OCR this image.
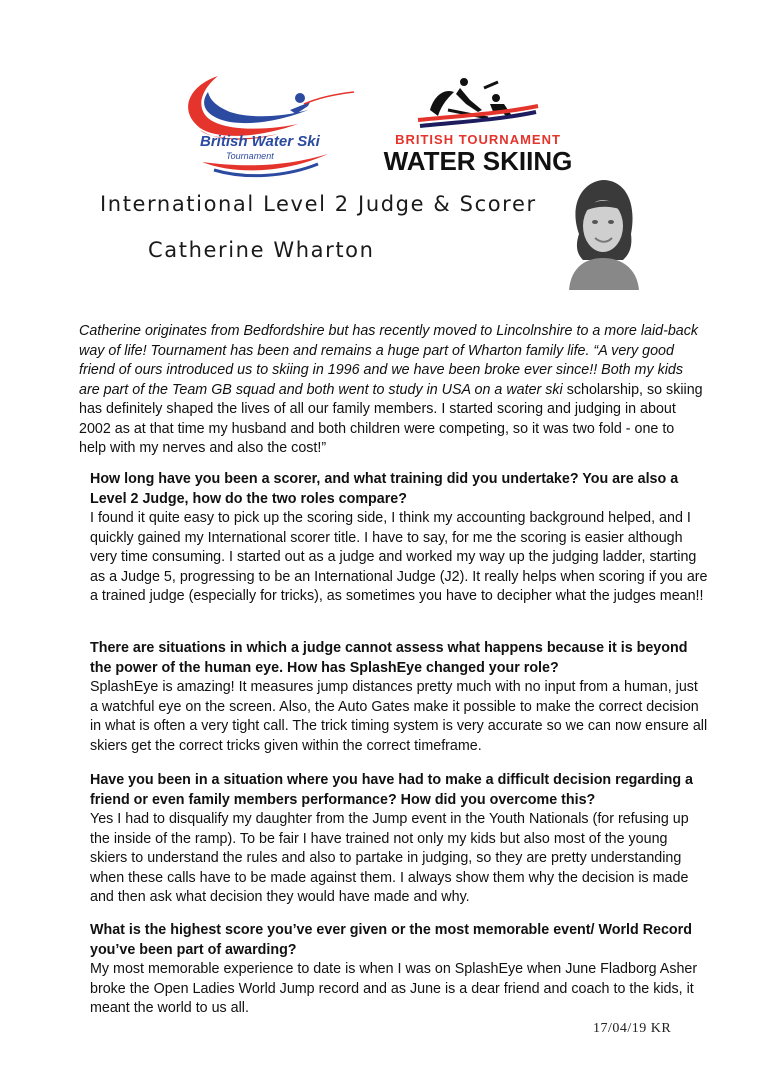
British Water Ski
Tournament
BRITISH TOURNAMENT
WATER SKIING
International Level 2 Judge & Scorer
Catherine Wharton
Catherine originates from Bedfordshire but has recently moved to Lincolnshire to a more laid-back way of life! Tournament has been and remains a huge part of Wharton family life. “A very good friend of ours introduced us to skiing in 1996 and we have been broke ever since!! Both my kids are part of the Team GB squad and both went to study in USA on a water ski scholarship, so skiing has definitely shaped the lives of all our family members. I started scoring and judging in about 2002 as at that time my husband and both children were competing, so it was two fold - one to help with my nerves and also the cost!”

How long have you been a scorer, and what training did you undertake? You are also a Level 2 Judge, how do the two roles compare?

I found it quite easy to pick up the scoring side, I think my accounting background helped, and I quickly gained my International scorer title. I have to say, for me the scoring is easier although very time consuming. I started out as a judge and worked my way up the judging ladder, starting as a Judge 5, progressing to be an International Judge (J2). It really helps when scoring if you are a trained judge (especially for tricks), as sometimes you have to decipher what the judges mean!!

There are situations in which a judge cannot assess what happens because it is beyond the power of the human eye. How has SplashEye changed your role?

SplashEye is amazing! It measures jump distances pretty much with no input from a human, just a watchful eye on the screen. Also, the Auto Gates make it possible to make the correct decision in what is often a very tight call. The trick timing system is very accurate so we can now ensure all skiers get the correct tricks given within the correct timeframe.

Have you been in a situation where you have had to make a difficult decision regarding a friend or even family members performance? How did you overcome this?

Yes I had to disqualify my daughter from the Jump event in the Youth Nationals (for refusing up the inside of the ramp). To be fair I have trained not only my kids but also most of the young skiers to understand the rules and also to partake in judging, so they are pretty understanding when these calls have to be made against them. I always show them why the decision is made and then ask what decision they would have made and why.

What is the highest score you’ve ever given or the most memorable event/ World Record you’ve been part of awarding?

My most memorable experience to date is when I was on SplashEye when June Fladborg Asher broke the Open Ladies World Jump record and as June is a dear friend and coach to the kids, it meant the world to us all.

17/04/19 KR
